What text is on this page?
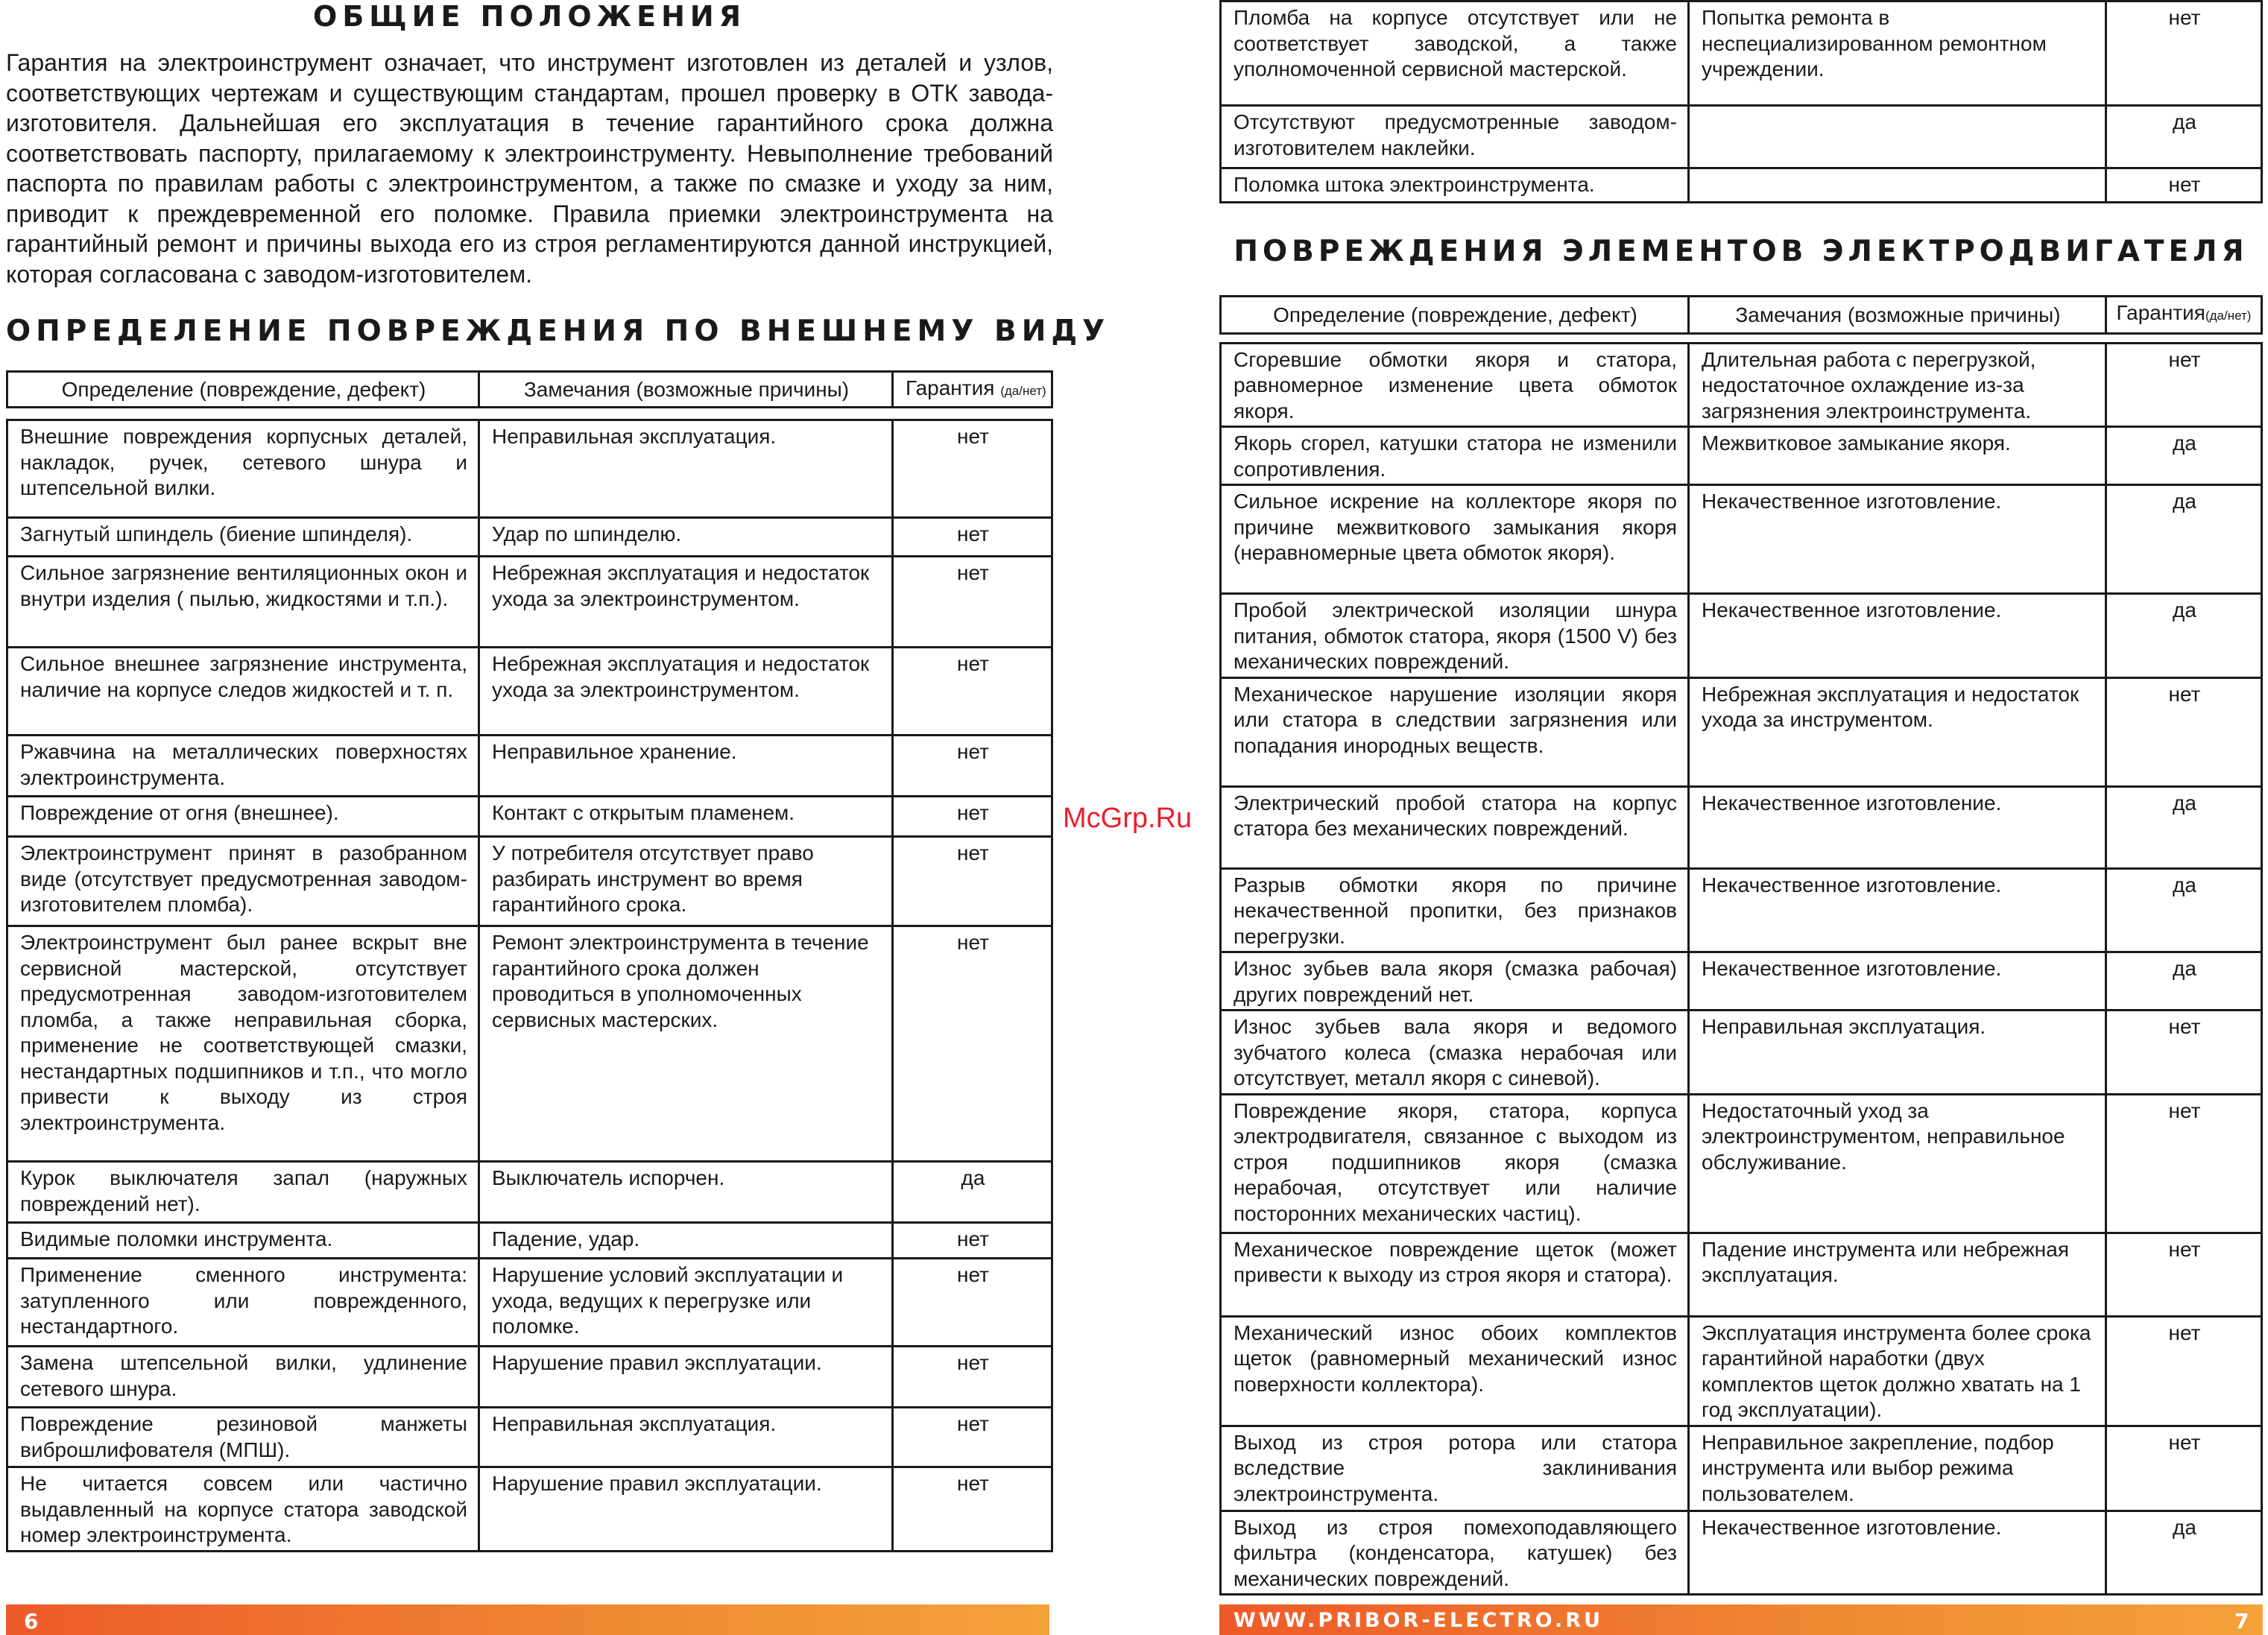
ОБЩИЕ ПОЛОЖЕНИЯ
Гарантия на электроинструмент означает, что инструмент изготовлен из деталей и узлов, соответствующих чертежам и существующим стандартам, прошел проверку в ОТК завода-изготовителя. Дальнейшая его эксплуатация в течение гарантийного срока должна соответствовать паспорту, прилагаемому к электроинструменту. Невыполнение требований паспорта по правилам работы с электроинструментом, а также по смазке и уходу за ним, приводит к преждевременной его поломке. Правила приемки электроинструмента на гарантийный ремонт и причины выхода его из строя регламентируются данной инструкцией, которая согласована с заводом-изготовителем.
ОПРЕДЕЛЕНИЕ ПОВРЕЖДЕНИЯ ПО ВНЕШНЕМУ ВИДУ
Определение (повреждение, дефект)	Замечания (возможные причины)	Гарантия (да/нет)
Внешние повреждения корпусных деталей, накладок, ручек, сетевого шнура и штепсельной вилки.	Неправильная эксплуатация.	нет
Загнутый шпиндель (биение шпинделя).	Удар по шпинделю.	нет
Сильное загрязнение вентиляционных окон и внутри изделия ( пылью, жидкостями и т.п.).	Небрежная эксплуатация и недостаток ухода за электроинструментом.	нет
Сильное внешнее загрязнение инструмента, наличие на корпусе следов жидкостей и т. п.	Небрежная эксплуатация и недостаток ухода за электроинструментом.	нет
Ржавчина на металлических поверхностях электроинструмента.	Неправильное хранение.	нет
Повреждение от огня (внешнее).	Контакт с открытым пламенем.	нет
Электроинструмент принят в разобранном виде (отсутствует предусмотренная заводом-изготовителем пломба).	У потребителя отсутствует право разбирать инструмент во время гарантийного срока.	нет
Электроинструмент был ранее вскрыт вне сервисной мастерской, отсутствует предусмотренная заводом-изготовителем пломба, а также неправильная сборка, применение не соответствующей смазки, нестандартных подшипников и т.п., что могло привести к выходу из строя электроинструмента.	Ремонт электроинструмента в течение гарантийного срока должен проводиться в уполномоченных сервисных мастерских.	нет
Курок выключателя запал (наружных повреждений нет).	Выключатель испорчен.	да
Видимые поломки инструмента.	Падение, удар.	нет
Применение сменного инструмента: затупленного или поврежденного, нестандартного.	Нарушение условий эксплуатации и ухода, ведущих к перегрузке или поломке.	нет
Замена штепсельной вилки, удлинение сетевого шнура.	Нарушение правил эксплуатации.	нет
Повреждение резиновой манжеты виброшлифователя (МПШ).	Неправильная эксплуатация.	нет
Не читается совсем или частично выдавленный на корпусе статора заводской номер электроинструмента.	Нарушение правил эксплуатации.	нет
Пломба на корпусе отсутствует или не соответствует заводской, а также уполномоченной сервисной мастерской.	Попытка ремонта в неспециализированном ремонтном учреждении.	нет
Отсутствуют предусмотренные заводом-изготовителем наклейки.		да
Поломка штока электроинструмента.		нет
ПОВРЕЖДЕНИЯ ЭЛЕМЕНТОВ ЭЛЕКТРОДВИГАТЕЛЯ
Определение (повреждение, дефект)	Замечания (возможные причины)	Гарантия(да/нет)
Сгоревшие обмотки якоря и статора, равномерное изменение цвета обмоток якоря.	Длительная работа с перегрузкой, недостаточное охлаждение из-за загрязнения электроинструмента.	нет
Якорь сгорел, катушки статора не изменили сопротивления.	Межвитковое замыкание якоря.	да
Сильное искрение на коллекторе якоря по причине межвиткового замыкания якоря (неравномерные цвета обмоток якоря).	Некачественное изготовление.	да
Пробой электрической изоляции шнура питания, обмоток статора, якоря (1500 V) без механических повреждений.	Некачественное изготовление.	да
Механическое нарушение изоляции якоря или статора в следствии загрязнения или попадания инородных веществ.	Небрежная эксплуатация и недостаток ухода за инструментом.	нет
Электрический пробой статора на корпус статора без механических повреждений.	Некачественное изготовление.	да
Разрыв обмотки якоря по причине некачественной пропитки, без признаков перегрузки.	Некачественное изготовление.	да
Износ зубьев вала якоря (смазка рабочая) других повреждений нет.	Некачественное изготовление.	да
Износ зубьев вала якоря и ведомого зубчатого колеса (смазка нерабочая или отсутствует, металл якоря с синевой).	Неправильная эксплуатация.	нет
Повреждение якоря, статора, корпуса электродвигателя, связанное с выходом из строя подшипников якоря (смазка нерабочая, отсутствует или наличие посторонних механических частиц).	Недостаточный уход за электроинструментом, неправильное обслуживание.	нет
Механическое повреждение щеток (может привести к выходу из строя якоря и статора).	Падение инструмента или небрежная эксплуатация.	нет
Механический износ обоих комплектов щеток (равномерный механический износ поверхности коллектора).	Эксплуатация инструмента более срока гарантийной наработки (двух комплектов щеток должно хватать на 1 год эксплуатации).	нет
Выход из строя ротора или статора вследствие заклинивания электроинструмента.	Неправильное закрепление, подбор инструмента или выбор режима пользователем.	нет
Выход из строя помехоподавляющего фильтра (конденсатора, катушек) без механических повреждений.	Некачественное изготовление.	да
McGrp.Ru
6	WWW.PRIBOR-ELECTRO.RU	7
